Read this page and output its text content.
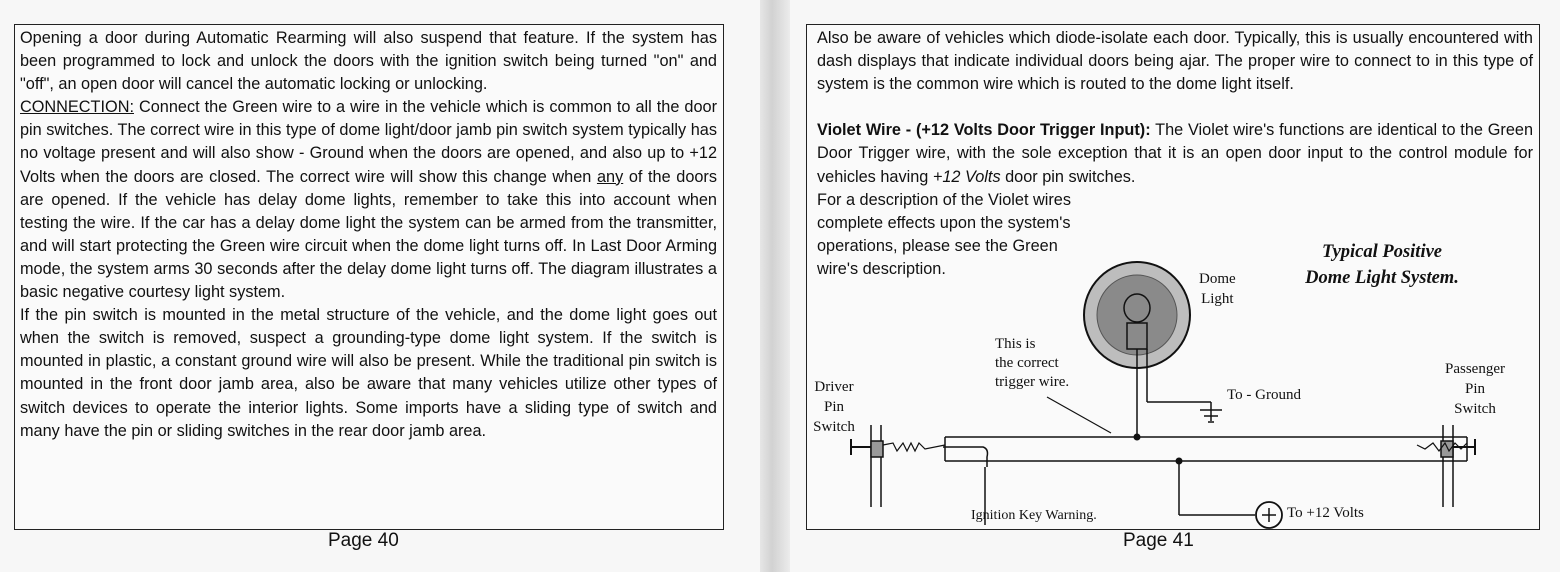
Opening a door during Automatic Rearming will also suspend that feature. If the system has been programmed to lock and unlock the doors with the ignition switch being turned "on" and "off", an open door will cancel the automatic locking or unlocking.

CONNECTION: Connect the Green wire to a wire in the vehicle which is common to all the door pin switches. The correct wire in this type of dome light/door jamb pin switch system typically has no voltage present and will also show - Ground when the doors are opened, and also up to +12 Volts when the doors are closed. The correct wire will show this change when any of the doors are opened. If the vehicle has delay dome lights, remember to take this into account when testing the wire. If the car has a delay dome light the system can be armed from the transmitter, and will start protecting the Green wire circuit when the dome light turns off. In Last Door Arming mode, the system arms 30 seconds after the delay dome light turns off. The diagram illustrates a basic negative courtesy light system.

If the pin switch is mounted in the metal structure of the vehicle, and the dome light goes out when the switch is removed, suspect a grounding-type dome light system. If the switch is mounted in plastic, a constant ground wire will also be present. While the traditional pin switch is mounted in the front door jamb area, also be aware that many vehicles utilize other types of switch devices to operate the interior lights. Some imports have a sliding type of switch and many have the pin or sliding switches in the rear door jamb area.

Page 40

Also be aware of vehicles which diode-isolate each door. Typically, this is usually encountered with dash displays that indicate individual doors being ajar. The proper wire to connect to in this type of system is the common wire which is routed to the dome light itself.

Violet Wire - (+12 Volts Door Trigger Input): The Violet wire's functions are identical to the Green Door Trigger wire, with the sole exception that it is an open door input to the control module for vehicles having +12 Volts door pin switches.

For a description of the Violet wires complete effects upon the system's operations, please see the Green wire's description.

Typical Positive
Dome Light System.
Dome
Light
This is
the correct
trigger wire.
To - Ground
Driver
Pin
Switch
Passenger
Pin
Switch
Ignition Key Warning.	To +12 Volts
Page 41
